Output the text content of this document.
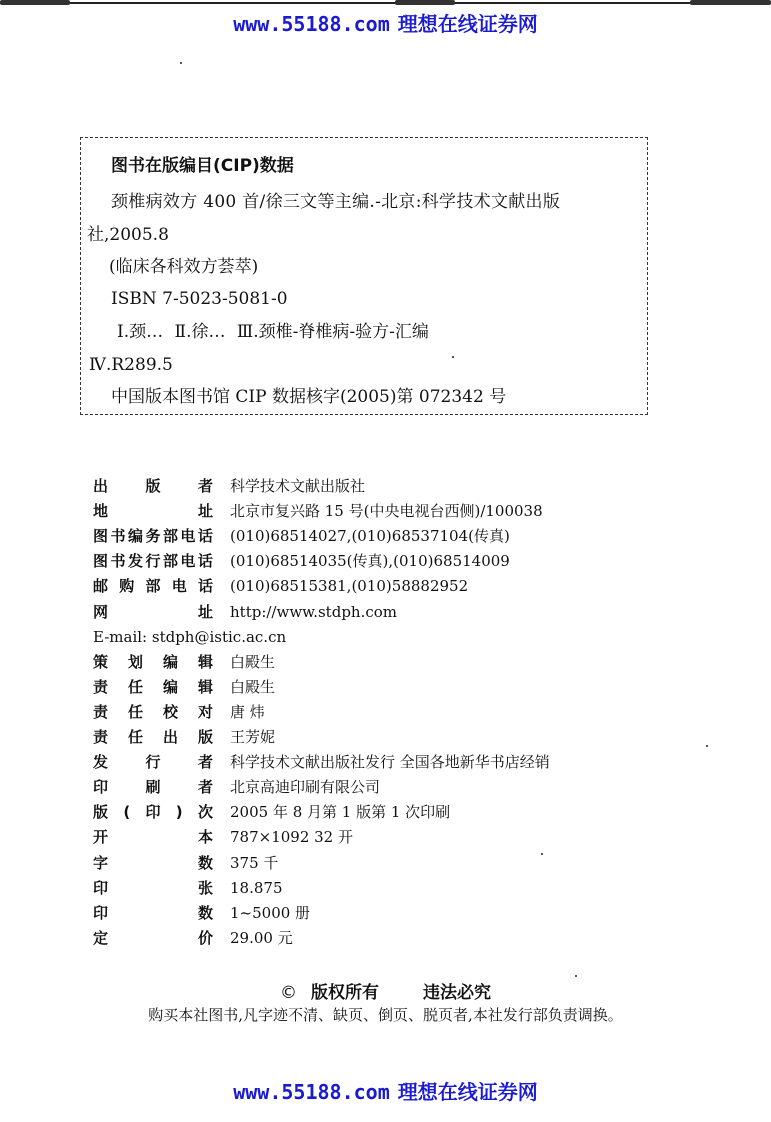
www.55188.com 理想在线证券网
图书在版编目(CIP)数据
颈椎病效方 400 首/徐三文等主编.-北京:科学技术文献出版
社,2005.8
(临床各科效方荟萃)
ISBN 7-5023-5081-0
Ⅰ.颈… Ⅱ.徐… Ⅲ.颈椎-脊椎病-验方-汇编
Ⅳ.R289.5
中国版本图书馆 CIP 数据核字(2005)第 072342 号
出 版 者 科学技术文献出版社
地	址 北京市复兴路 15 号(中央电视台西侧)/100038
图 书 编 务 部 电 话 (010)68514027,(010)68537104(传真)
图 书 发 行 部 电 话 (010)68514035(传真),(010)68514009
邮 购 部 电 话 (010)68515381,(010)58882952
网	址 http://www.stdph.com
E-mail: stdph@istic.ac.cn
策 划 编 辑 白殿生
责 任 编 辑 白殿生
责 任 校 对 唐 炜
责 任 出 版 王芳妮
发 行 者 科学技术文献出版社发行 全国各地新华书店经销
印 刷 者 北京高迪印刷有限公司
版 ( 印 ) 次 2005 年 8 月第 1 版第 1 次印刷
开	本 787×1092 32 开
字	数 375 千
印	张 18.875
印	数 1~5000 册
定	价 29.00 元
© 版权所有	违法必究
购买本社图书,凡字迹不清、缺页、倒页、脱页者,本社发行部负责调换。
www.55188.com 理想在线证券网
